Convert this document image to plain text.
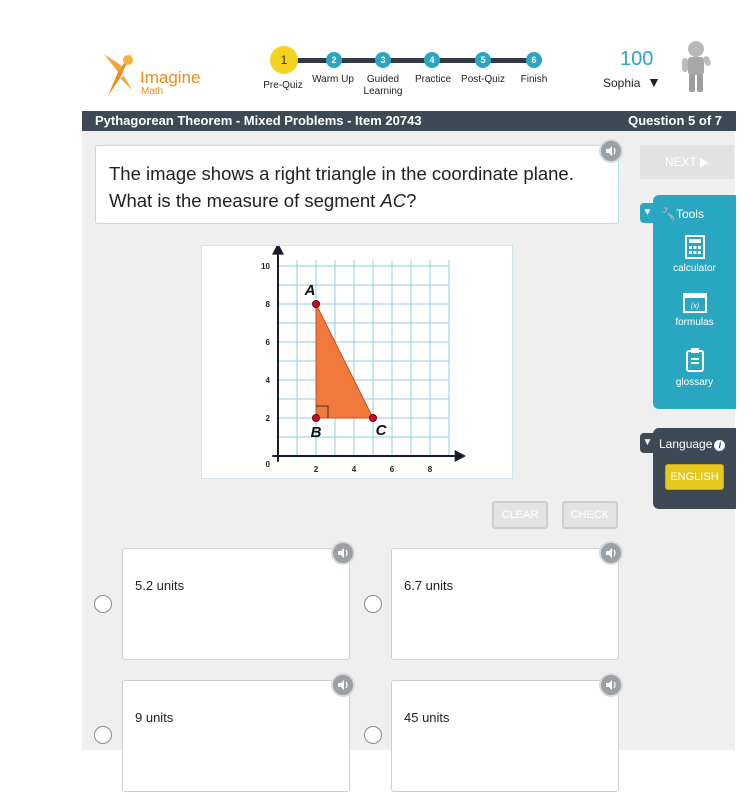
Imagine
Math
1	2	3	4	5	6
Pre-Quiz
Warm Up	Guided Learning
Practice Post-Quiz	Finish
100
Sophia ▼
Pythagorean Theorem - Mixed Problems - Item 20743	Question 5 of 7
The image shows a right triangle in the coordinate plane. What is the measure of segment AC?
NEXT ▶
▼ 🔧Tools
calculator
(x)
formulas
glossary
▼ Language i
ENGLISH
2	4	6	8
2
4
6
8
10
0
A
B	C
CLEAR	CHECK
5.2 units	6.7 units
9 units	45 units
